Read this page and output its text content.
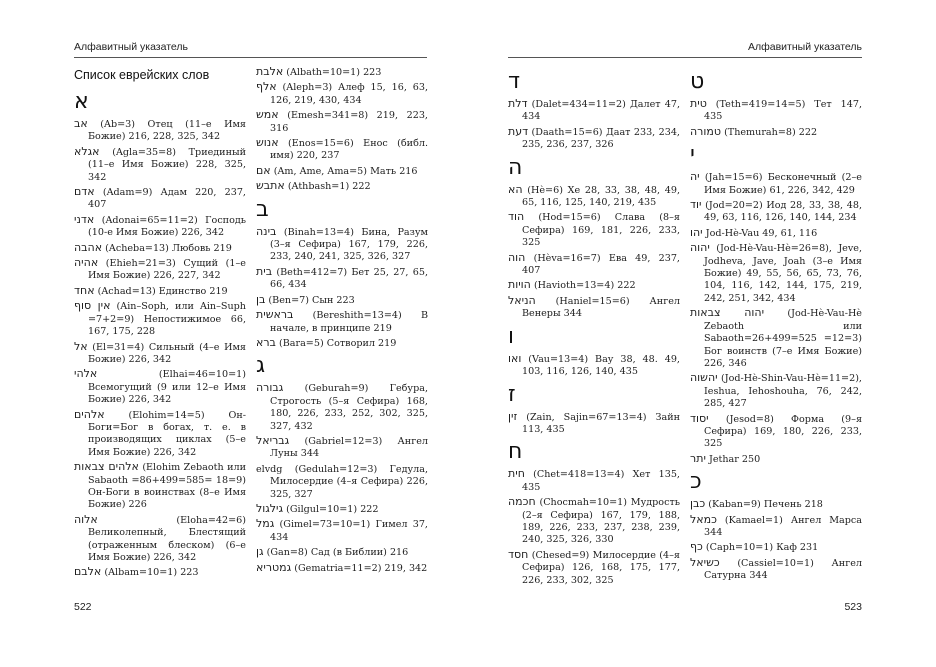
Алфавитный указатель
Список еврейских слов
א
אב (Ab=3) Отец (11–е Имя Божие) 216, 228, 325, 342
אגלא (Agla=35=8) Триединый (11–е Имя Божие) 228, 325, 342
אדם (Adam=9) Адам 220, 237, 407
אדני (Adonai=65=11=2) Господь (10-е Имя Божие) 226, 342
אהבה (Acheba=13) Любовь 219
אהיה (Ehieh=21=3) Сущий (1–е Имя Божие) 226, 227, 342
אחד (Achad=13) Единство 219
אין סוף (Ain–Soph, или Ain–Suph =7+2=9) Непостижимое 66, 167, 175, 228
אל (El=31=4) Сильный (4–е Имя Божие) 226, 342
אלהי	(Elhai=46=10=1) Всемогущий (9 или 12–е Имя Божие) 226, 342
אלהים (Elohim=14=5) Он-Боги=Бог в богах, т. е. в производящих циклах (5–е Имя Божие) 226, 342
אלהים צבאות (Elohim Zebaoth или Sabaoth =86+499=585= 18=9) Он-Боги в воинствах (8–е Имя Божие) 226
אלוה	(Eloha=42=6) Великолепный, Блестящий (отраженным блеском) (6–е Имя Божие) 226, 342
אלבם (Albam=10=1) 223
אלבת (Albath=10=1) 223
אלף (Aleph=3) Алеф 15, 16, 63, 126, 219, 430, 434
אמש (Emesh=341=8) 219, 223, 316
אנוש (Enos=15=6) Енос (библ. имя) 220, 237
אם (Am, Ame, Ama=5) Мать 216
אתבש (Athbash=1) 222
ב
בינה (Binah=13=4) Бина, Разум (3–я Сефира) 167, 179, 226, 233, 240, 241, 325, 326, 327
בית (Beth=412=7) Бет 25, 27, 65, 66, 434
בן (Ben=7) Сын 223
בראשית (Bereshith=13=4) В начале, в принципе 219
ברא (Bara=5) Сотворил 219
ג
גבורה (Geburah=9) Гебура, Строгость (5–я Сефира) 168, 180, 226, 233, 252, 302, 325, 327, 432
גבריאל (Gabriel=12=3) Ангел Луны 344
elvdg (Gedulah=12=3) Гедула, Милосердие (4–я Сефира) 226, 325, 327
גילגול (Gilgul=10=1) 222
גמל (Gimel=73=10=1) Гимел 37, 434
גן (Gan=8) Сад (в Библии) 216
גמטריא (Gematria=11=2) 219, 342
522
Алфавитный указатель
ד
דלת (Dalet=434=11=2) Далет 47, 434
דעת (Daath=15=6) Даат 233, 234, 235, 236, 237, 326
ה
הא (Hè=6) Хе 28, 33, 38, 48, 49, 65, 116, 125, 140, 219, 435
הוד (Hod=15=6) Слава (8–я Сефира) 169, 181, 226, 233, 325
הוה (Hèva=16=7) Ева 49, 237, 407
הויות (Havioth=13=4) 222
הניאל (Haniel=15=6) Ангел Венеры 344
ו
ואו (Vau=13=4) Вау 38, 48. 49, 103, 116, 126, 140, 435
ז
זין (Zain, Sajin=67=13=4) Зайн 113, 435
ח
חית (Chet=418=13=4) Хет 135, 435
חכמה (Chocmah=10=1) Мудрость (2–я Сефира) 167, 179, 188, 189, 226, 233, 237, 238, 239, 240, 325, 326, 330
חסד (Chesed=9) Милосердие (4–я Сефира) 126, 168, 175, 177, 226, 233, 302, 325
ט
טית (Teth=419=14=5) Тет 147, 435
טמורה (Themurah=8) 222
י
יה (Jah=15=6) Бесконечный (2–е Имя Божие) 61, 226, 342, 429
יוד (Jod=20=2) Иод 28, 33, 38, 48, 49, 63, 116, 126, 140, 144, 234
יהו Jod-Hè-Vau 49, 61, 116
יהוה (Jod-Hè-Vau-Hè=26=8), Jeve, Jodheva, Jave, Joah (3–е Имя Божие) 49, 55, 56, 65, 73, 76, 104, 116, 142, 144, 175, 219, 242, 251, 342, 434
יהוה צבאות (Jod-Hè-Vau-Hè Zebaoth или Sabaoth=26+499=525 =12=3) Бог воинств (7–е Имя Божие) 226, 346
יהשוה (Jod-Hè-Shin-Vau-Hè=11=2), Ieshua, Iehoshouha, 76, 242, 285, 427
יסוד (Jesod=8) Форма (9–я Сефира) 169, 180, 226, 233, 325
יתר Jethar 250
כ
כבן (Kaban=9) Печень 218
כמאל (Kamael=1) Ангел Марса 344
כף (Caph=10=1) Каф 231
כשיאל (Cassiel=10=1) Ангел Сатурна 344
523
